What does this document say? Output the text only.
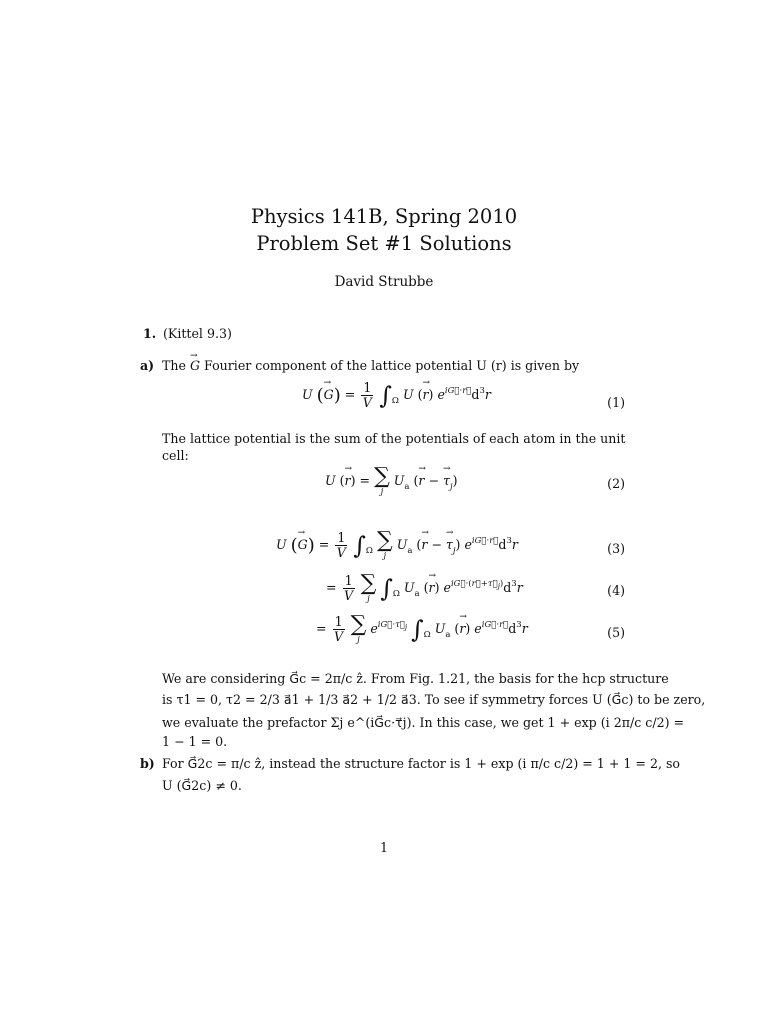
Physics 141B, Spring 2010
Problem Set #1 Solutions
David Strubbe
1. (Kittel 9.3)
a) The G → Fourier component of the lattice potential U (r) is given by
U (G →) = $\frac{1}{V} \int_\Omega$ U (r →) $e^{iG⃗\cdot r⃗}d^3r$
(1)
The lattice potential is the sum of the potentials of each atom in the unit cell:
U (r →) = ∑
j
$U_a$ (r → − $\tau \to_j$)	(2)
U (G →) = $\frac{1}{V} \int_\Omega$ ∑
j
$U_a$ (r → − $\tau \to_j$) $e^{iG⃗\cdot r⃗}d^3r$	(3)
= $\frac{1}{V}$
∑
j $\int_\Omega$ $U_a$ (r →) $e^{iG⃗\cdot(r⃗+\tau⃗_j)}d^3r$	(4)
= $\frac{1}{V}$
∑
j
$e^{iG⃗\cdot\tau⃗_j}$ $\int_\Omega$ $U_a$ (r →) $e^{iG⃗\cdot r⃗}d^3r$	(5)
We are considering G⃗c = 2π/c ẑ. From Fig. 1.21, the basis for the hcp structure
is τ1 = 0, τ2 = 2/3 a⃗1 + 1/3 a⃗2 + 1/2 a⃗3. To see if symmetry forces U (G⃗c) to be zero,
we evaluate the prefactor Σj e^(iG⃗c·τ⃗j). In this case, we get 1 + exp (i 2π/c c/2) =
1 − 1 = 0.
b) For G⃗2c = π/c ẑ, instead the structure factor is 1 + exp (i π/c c/2) = 1 + 1 = 2, so
U (G⃗2c) ≠ 0.
1
